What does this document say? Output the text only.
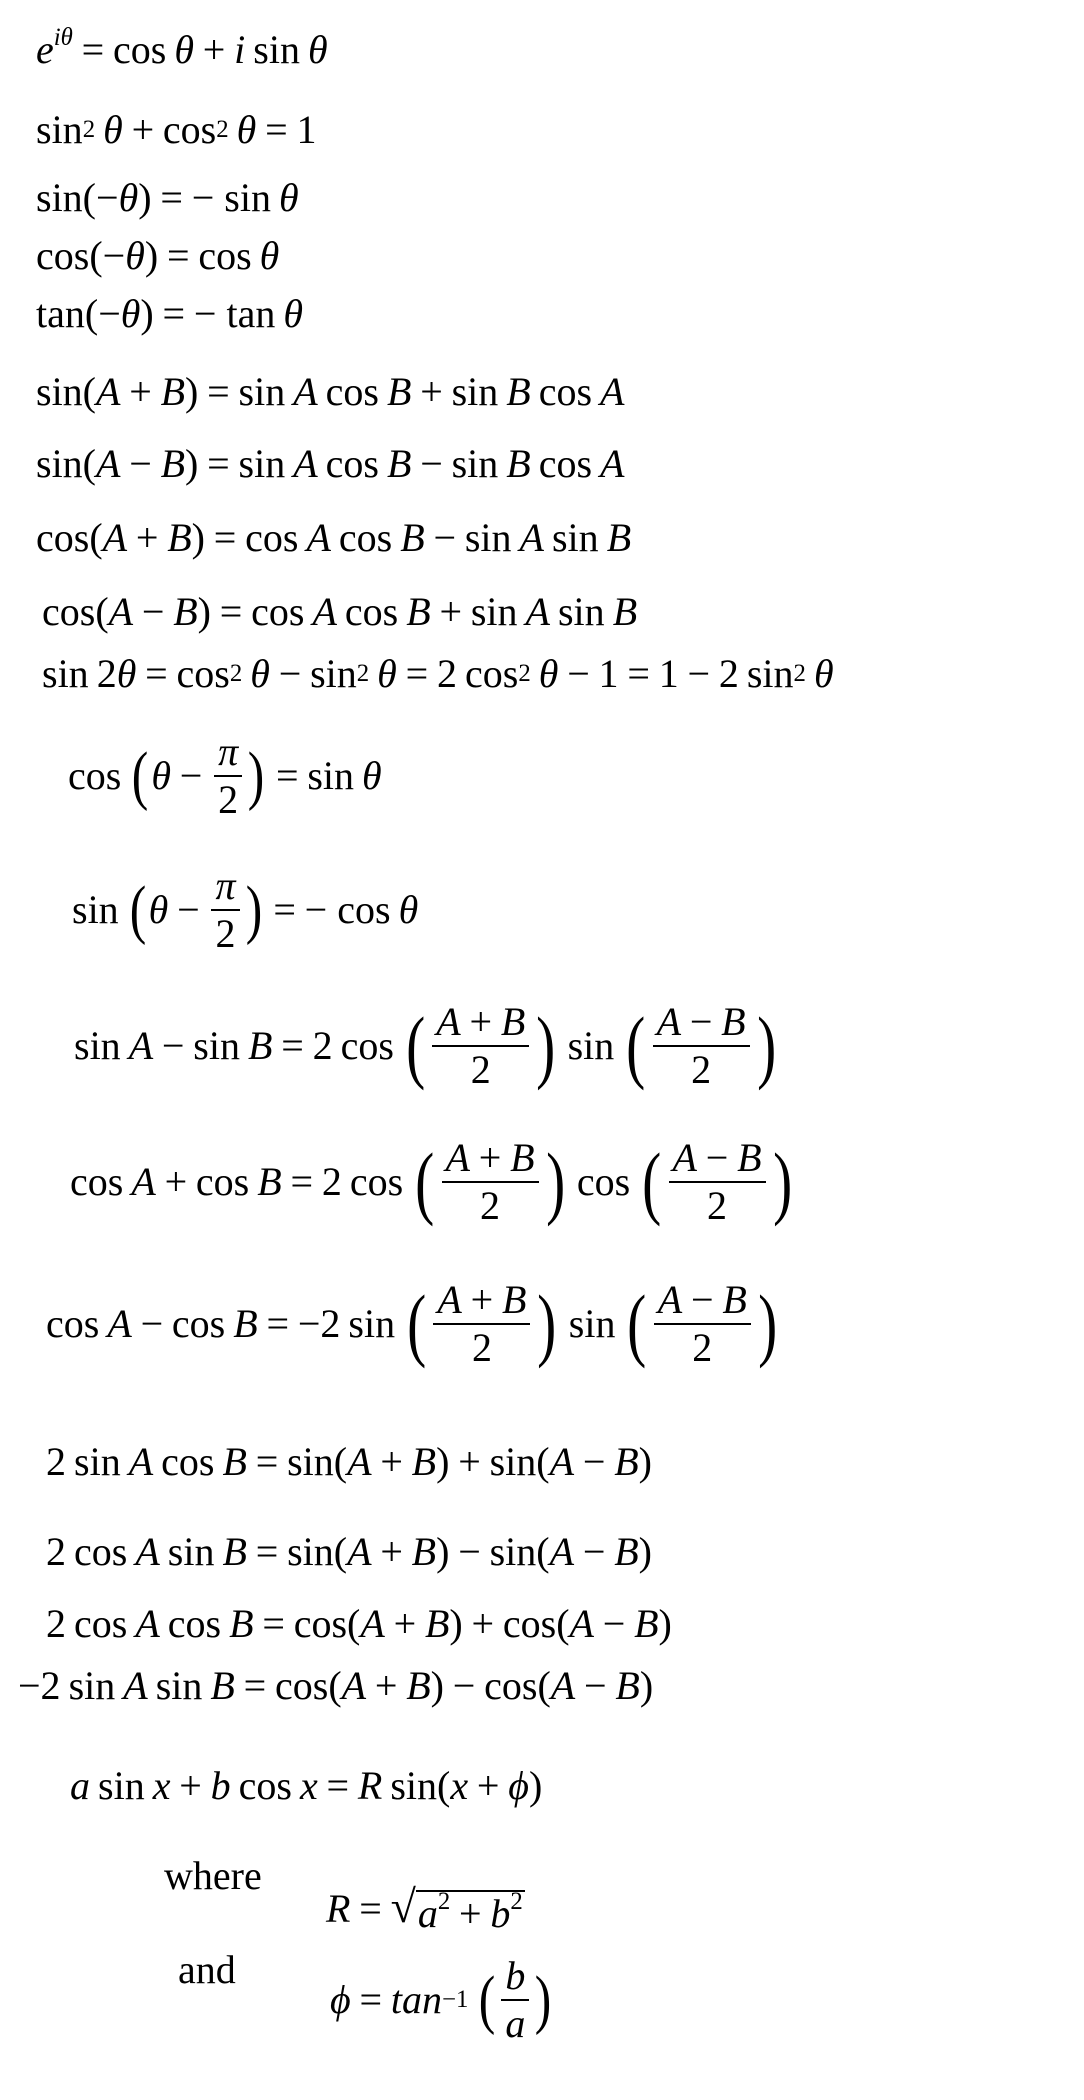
$e^{i\theta} = \cos \theta + i$  sin  θ
sin 2
  θ + cos 2
  θ = 1
sin(− θ ) = − sin  θ
cos(− θ ) = cos  θ
tan(− θ ) = − tan  θ
sin( A + B ) = sin  A  cos  B + sin  B  cos  A
sin( A − B ) = sin  A  cos  B − sin  B  cos  A
cos( A + B ) = cos  A  cos  B − sin  A  sin  B
cos( A − B ) = cos  A  cos  B + sin  A  sin  B
sin 2 θ = cos 2
  θ − sin 2
  θ = 2 cos 2
  θ − 1 = 1 − 2 sin 2
  θ
cos  ( $\theta - \frac{\pi}{2}$ ) = sin  θ
sin  ( $\theta - \frac{\pi}{2}$ ) = − cos  θ
sin  A − sin  B = 2 cos  ( $\frac{A + B}{2}$ )  sin  ( $\frac{A - B}{2}$ )
cos  A + cos  B = 2 cos  ( $\frac{A + B}{2}$ )  cos  ( $\frac{A - B}{2}$ )
cos  A − cos  B = −2 sin  ( $\frac{A + B}{2}$ )  sin  ( $\frac{A - B}{2}$ )
2 sin  A  cos  B = sin( A + B ) + sin( A − B )
2 cos  A  sin  B = sin( A + B ) − sin( A − B )
2 cos  A  cos  B = cos( A + B ) + cos( A − B )
−2 sin  A  sin  B = cos( A + B ) − cos( A − B )
a  sin  x + b  cos  x = R  sin( x + ϕ )
where
and
R = √ $a^2 + b^2$
ϕ = tan −1
  ( $\frac{b}{a}$ )
